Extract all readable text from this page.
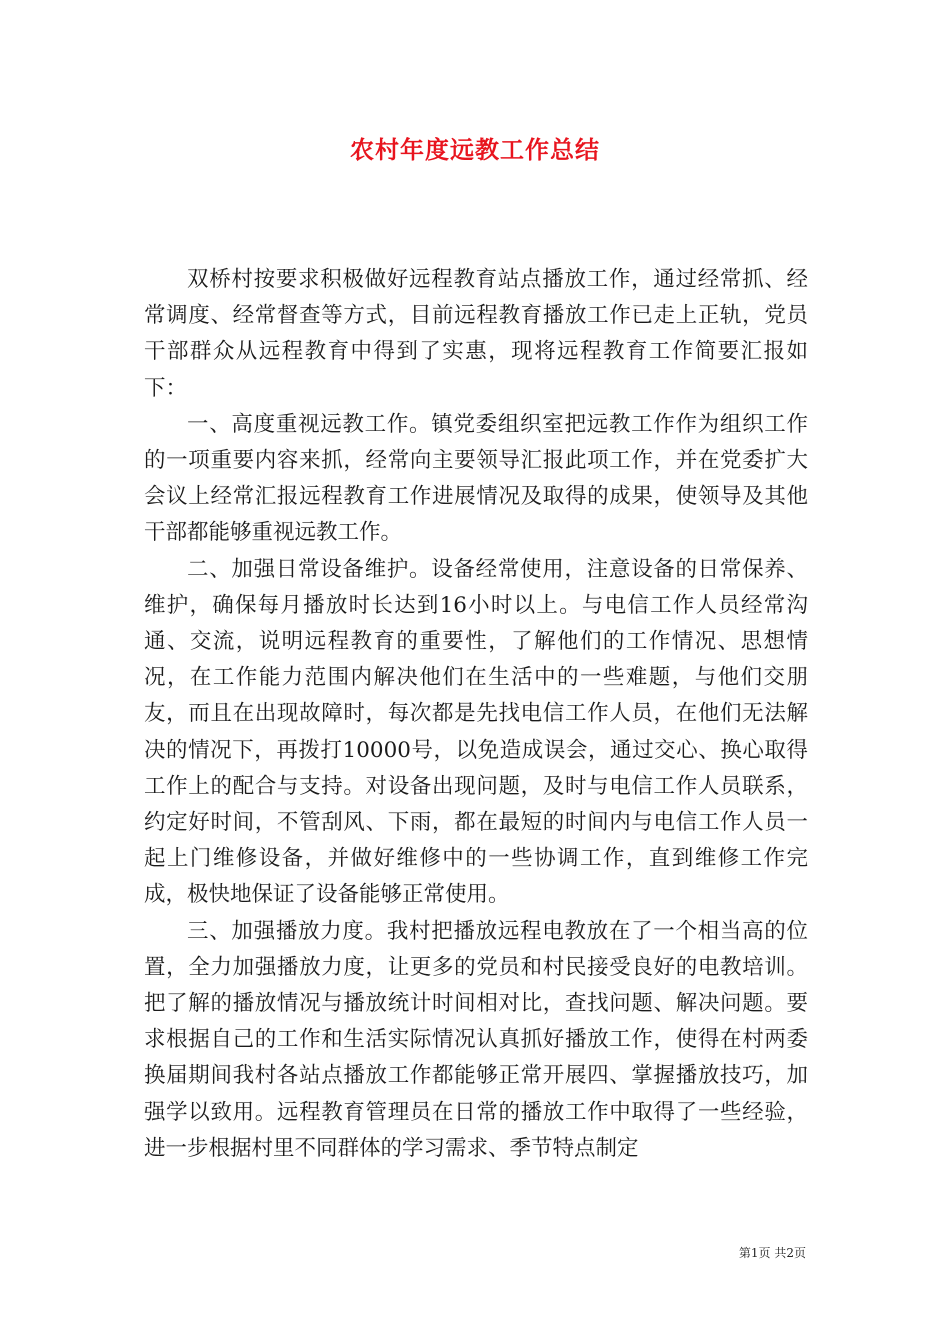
农村年度远教工作总结

双桥村按要求积极做好远程教育站点播放工作，通过经常抓、经常调度、经常督查等方式，目前远程教育播放工作已走上正轨，党员干部群众从远程教育中得到了实惠，现将远程教育工作简要汇报如下：

一、高度重视远教工作。镇党委组织室把远教工作作为组织工作的一项重要内容来抓，经常向主要领导汇报此项工作，并在党委扩大会议上经常汇报远程教育工作进展情况及取得的成果，使领导及其他干部都能够重视远教工作。

二、加强日常设备维护。设备经常使用，注意设备的日常保养、维护，确保每月播放时长达到16小时以上。与电信工作人员经常沟通、交流，说明远程教育的重要性，了解他们的工作情况、思想情况，在工作能力范围内解决他们在生活中的一些难题，与他们交朋友，而且在出现故障时，每次都是先找电信工作人员，在他们无法解决的情况下，再拨打10000号，以免造成误会，通过交心、换心取得工作上的配合与支持。对设备出现问题，及时与电信工作人员联系，约定好时间，不管刮风、下雨，都在最短的时间内与电信工作人员一起上门维修设备，并做好维修中的一些协调工作，直到维修工作完成，极快地保证了设备能够正常使用。

三、加强播放力度。我村把播放远程电教放在了一个相当高的位置，全力加强播放力度，让更多的党员和村民接受良好的电教培训。把了解的播放情况与播放统计时间相对比，查找问题、解决问题。要求根据自己的工作和生活实际情况认真抓好播放工作，使得在村两委换届期间我村各站点播放工作都能够正常开展四、掌握播放技巧，加强学以致用。远程教育管理员在日常的播放工作中取得了一些经验，进一步根据村里不同群体的学习需求、季节特点制定

第1页 共2页
